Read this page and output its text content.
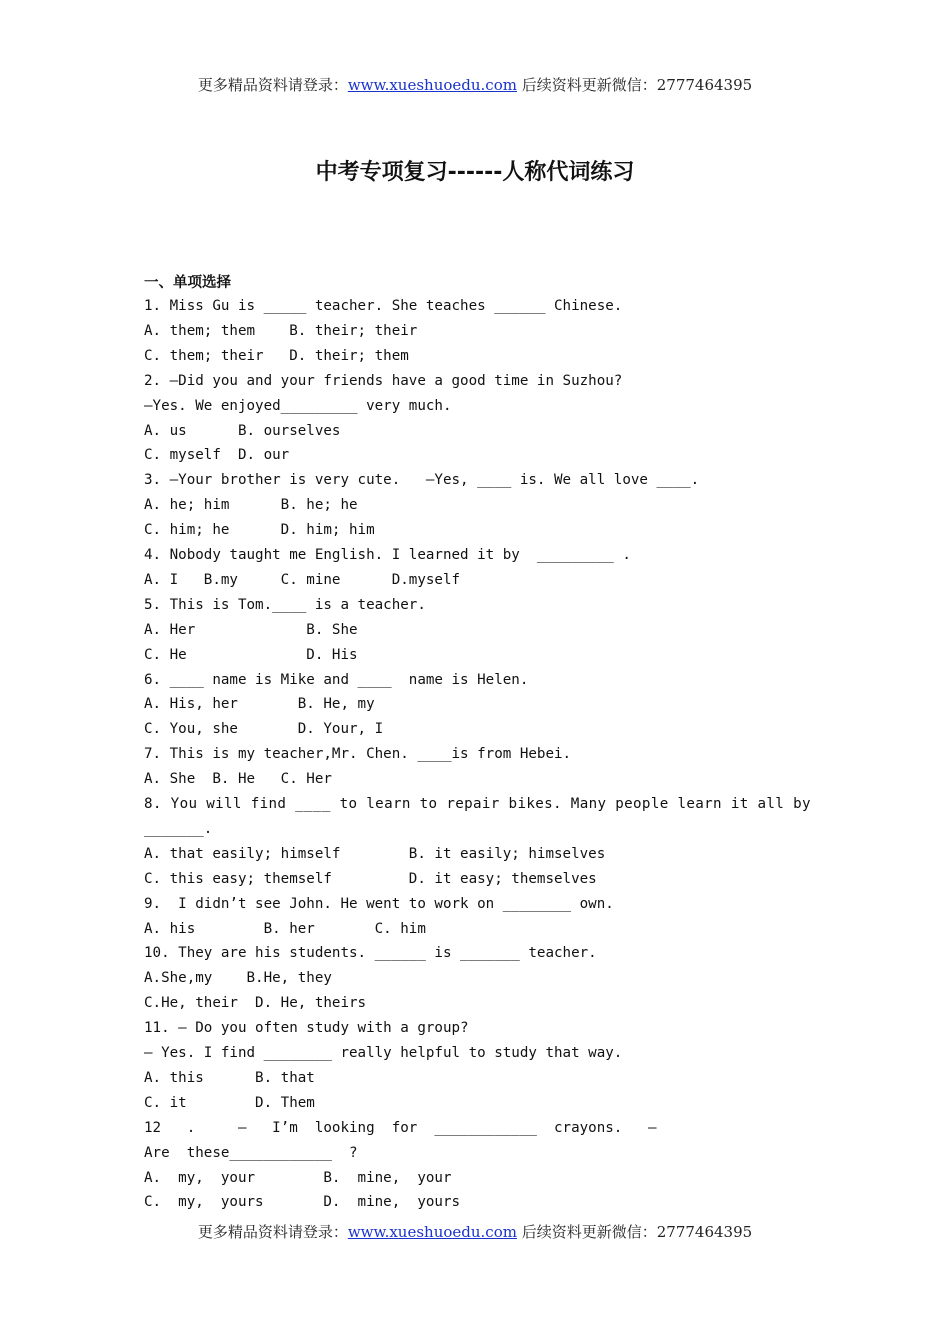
更多精品资料请登录：www.xueshuoedu.com 后续资料更新微信：2777464395
中考专项复习------人称代词练习
一、单项选择
1. Miss Gu is _____ teacher. She teaches ______ Chinese.
A. them; them    B. their; their
C. them; their   D. their; them
2. —Did you and your friends have a good time in Suzhou?
—Yes. We enjoyed_________ very much.
A. us      B. ourselves
C. myself  D. our
3. —Your brother is very cute.   —Yes, ____ is. We all love ____.
A. he; him      B. he; he
C. him; he      D. him; him
4. Nobody taught me English. I learned it by  _________ .
A. I   B.my     C. mine      D.myself
5. This is Tom.____ is a teacher.
A. Her             B. She
C. He              D. His
6. ____ name is Mike and ____  name is Helen.
A. His, her       B. He, my
C. You, she       D. Your, I
7. This is my teacher,Mr. Chen. ____is from Hebei.
A. She  B. He   C. Her
8. You will find ____ to learn to repair bikes. Many people learn it all by
_______.
A. that easily; himself        B. it easily; himselves
C. this easy; themself         D. it easy; themselves
9.  I didn’t see John. He went to work on ________ own.
A. his        B. her       C. him
10. They are his students. ______ is _______ teacher.
A.She,my    B.He, they
C.He, their  D. He, theirs
11. — Do you often study with a group?
— Yes. I find ________ really helpful to study that way.
A. this      B. that
C. it        D. Them
12   .     —   I’m  looking  for  ____________  crayons.   —
Are  these____________  ?
A.  my,  your        B.  mine,  your
C.  my,  yours       D.  mine,  yours
更多精品资料请登录：www.xueshuoedu.com 后续资料更新微信：2777464395
